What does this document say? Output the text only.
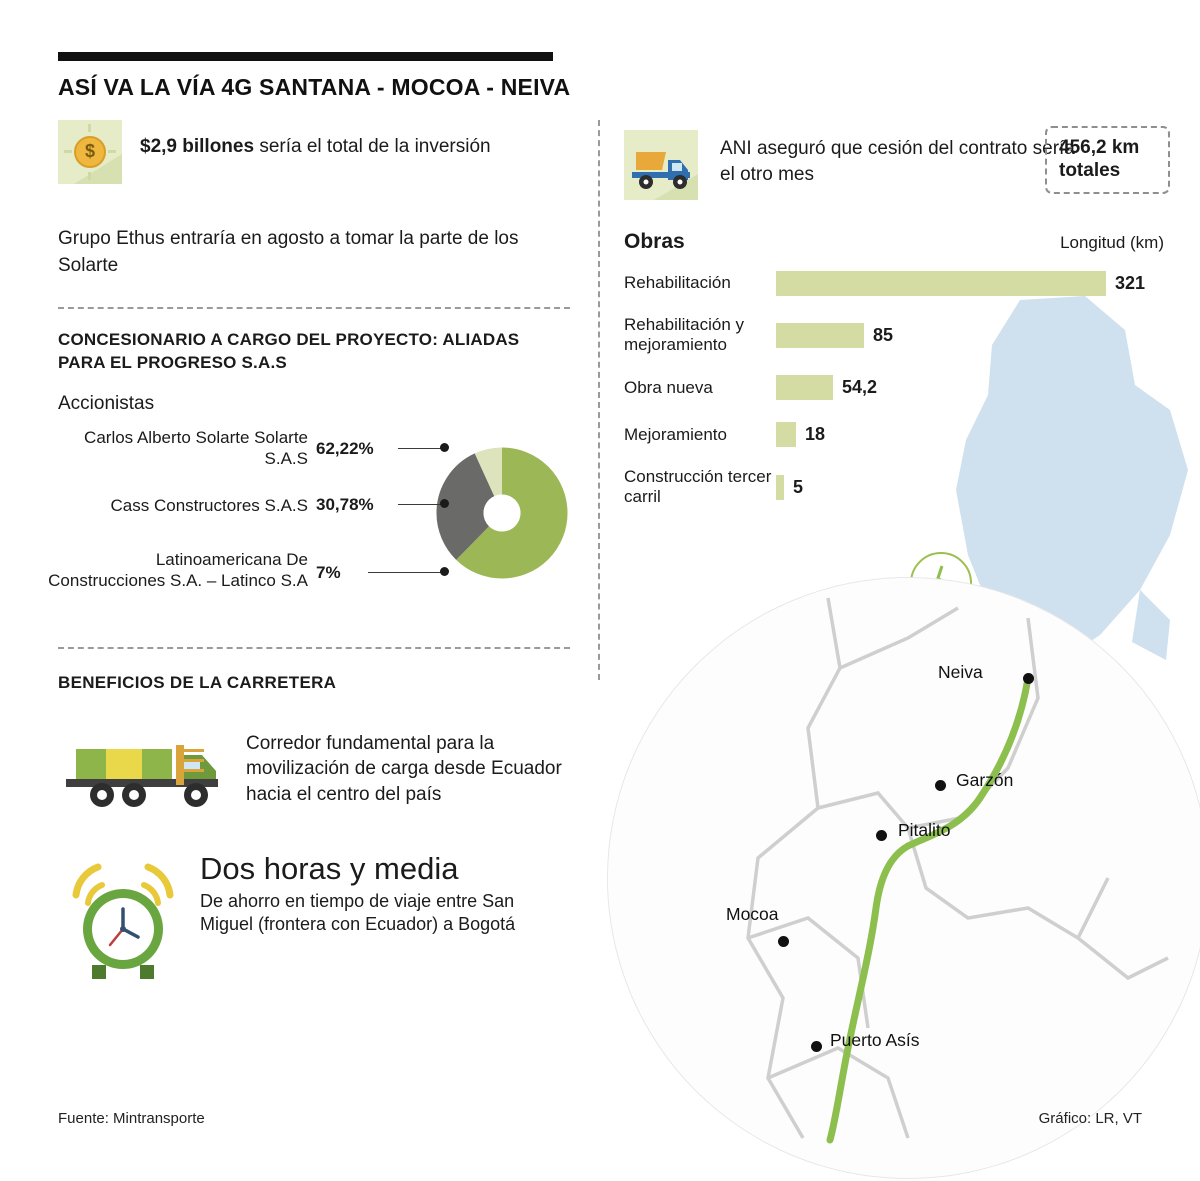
ASÍ VA LA VÍA 4G SANTANA - MOCOA - NEIVA
$
$2,9 billones sería el total de la inversión
Grupo Ethus entraría en agosto a tomar la parte de los Solarte
CONCESIONARIO A CARGO DEL PROYECTO: ALIADAS PARA EL PROGRESO S.A.S
Accionistas
Carlos Alberto Solarte Solarte S.A.S
62,22%
Cass Constructores S.A.S 30,78%
Latinoamericana De Construcciones S.A. – Latinco S.A 7%
BENEFICIOS DE LA CARRETERA
Corredor fundamental para la movilización de carga desde Ecuador hacia el centro del país
Dos horas y media
De ahorro en tiempo de viaje entre San Miguel (frontera con Ecuador) a Bogotá
ANI aseguró que cesión del contrato sería el otro mes
456,2 km totales
Obras	Longitud (km)
Rehabilitación	321
Rehabilitación y mejoramiento	85
Obra nueva	54,2
Mejoramiento	18
Construcción tercer carril	5
Neiva
Garzón
Pitalito
Mocoa
Puerto Asís
Fuente: Mintransporte	Gráfico: LR, VT
